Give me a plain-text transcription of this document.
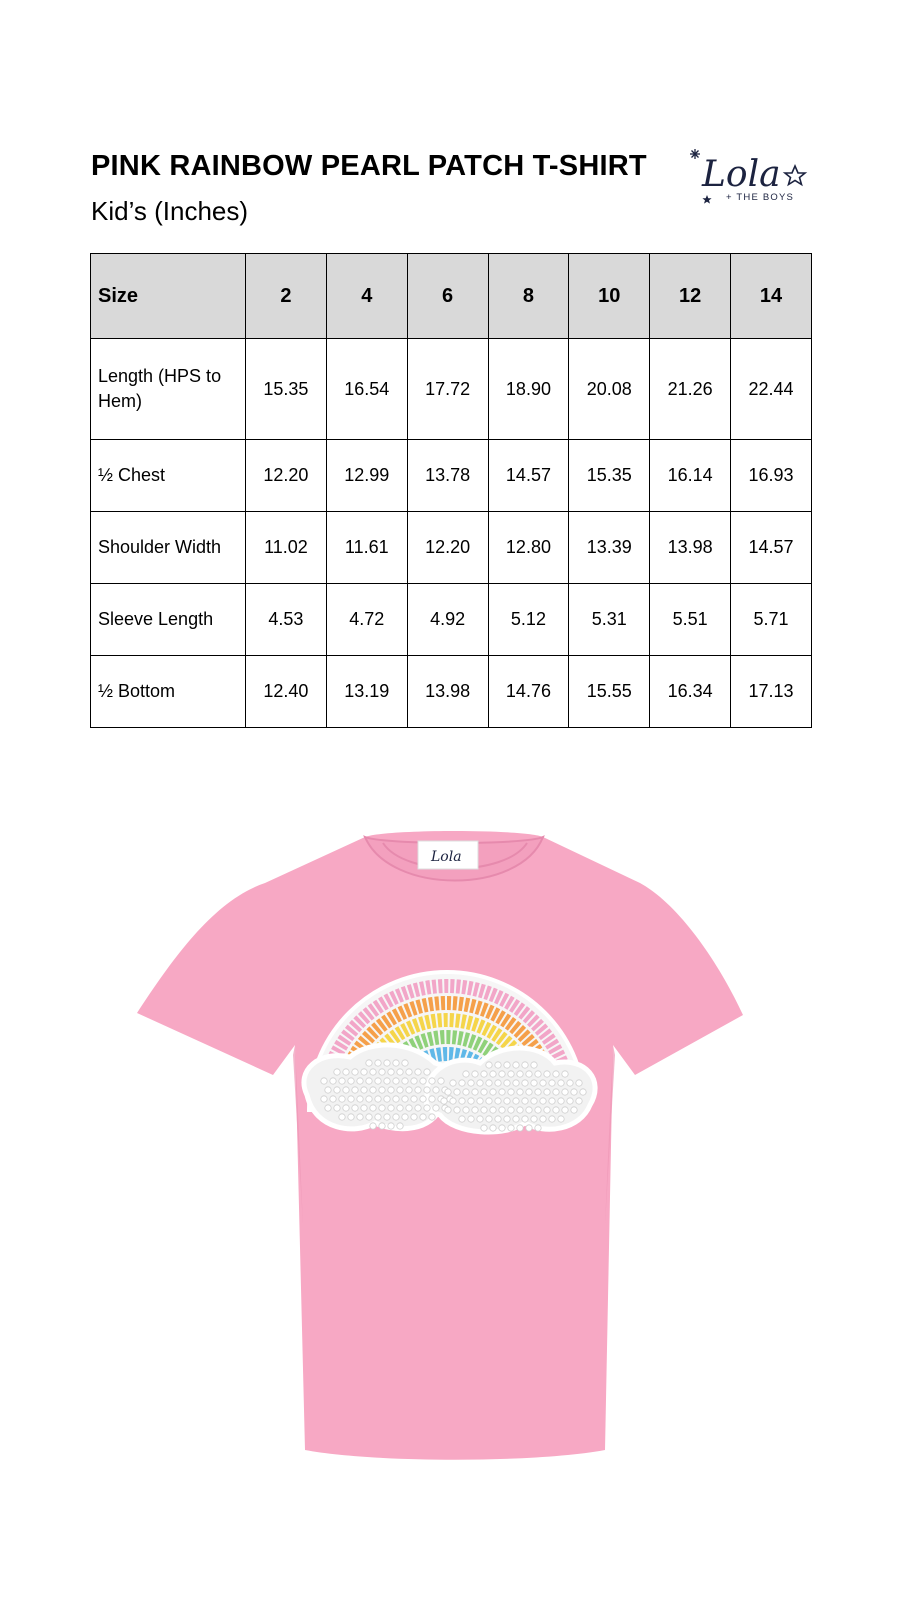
PINK RAINBOW PEARL PATCH T-SHIRT
Kid’s (Inches)
Lola
+ THE BOYS
Size	2	4	6	8	10	12	14
Length (HPS to Hem)	15.35	16.54	17.72	18.90	20.08	21.26	22.44
½ Chest	12.20	12.99	13.78	14.57	15.35	16.14	16.93
Shoulder Width	11.02	11.61	12.20	12.80	13.39	13.98	14.57
Sleeve Length	4.53	4.72	4.92	5.12	5.31	5.51	5.71
½ Bottom	12.40	13.19	13.98	14.76	15.55	16.34	17.13
Lola
